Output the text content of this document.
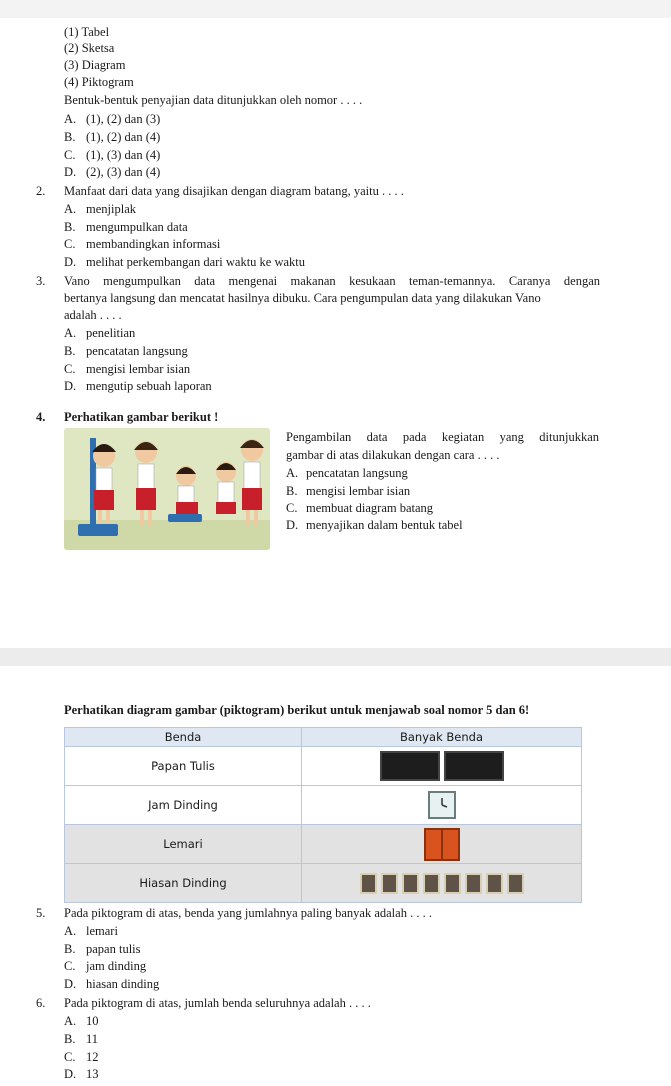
(1) Tabel
(2) Sketsa
(3) Diagram
(4) Piktogram
Bentuk-bentuk penyajian data ditunjukkan oleh nomor . . . .
A. (1), (2) dan (3)
B. (1), (2) dan (4)
C. (1), (3) dan (4)
D. (2), (3) dan (4)
2. Manfaat dari data yang disajikan dengan diagram batang, yaitu . . . .
A. menjiplak
B. mengumpulkan data
C. membandingkan informasi
D. melihat perkembangan dari waktu ke waktu
3. Vano mengumpulkan data mengenai makanan kesukaan teman-temannya. Caranya dengan
bertanya langsung dan mencatat hasilnya dibuku. Cara pengumpulan data yang dilakukan Vano
adalah . . . .
A. penelitian
B. pencatatan langsung
C. mengisi lembar isian
D. mengutip sebuah laporan
4. Perhatikan gambar berikut !
Pengambilan data pada kegiatan yang ditunjukkan
gambar di atas dilakukan dengan cara . . . .
A. pencatatan langsung
B. mengisi lembar isian
C. membuat diagram batang
D. menyajikan dalam bentuk tabel
Perhatikan diagram gambar (piktogram) berikut untuk menjawab soal nomor 5 dan 6!
Benda	Banyak Benda
Papan Tulis	

Jam Dinding	

Lemari	

Hiasan Dinding	
5. Pada piktogram di atas, benda yang jumlahnya paling banyak adalah . . . .
A. lemari
B. papan tulis
C. jam dinding
D. hiasan dinding
6. Pada piktogram di atas, jumlah benda seluruhnya adalah . . . .
A. 10
B. 11
C. 12
D. 13
